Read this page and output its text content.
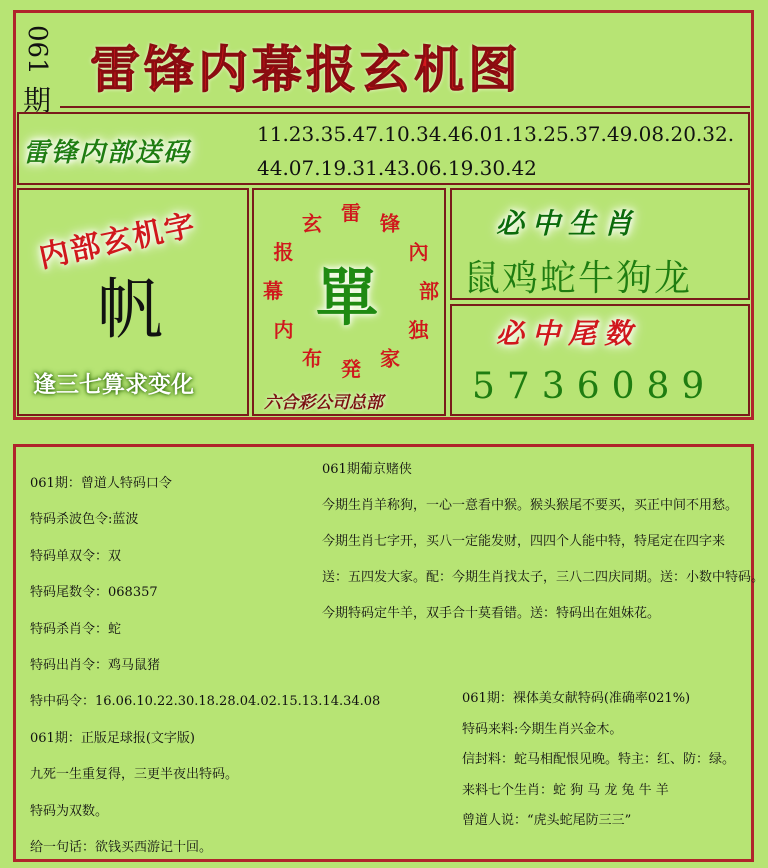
061
期
雷锋内幕报玄机图
雷锋内部送码
11.23.35.47.10.34.46.01.13.25.37.49.08.20.32.
44.07.19.31.43.06.19.30.42
内部玄机字
帆
逢三七算求变化
雷 锋
內
部
独
家
発
布
内
幕
报
玄
單
六合彩公司总部
必中生肖
鼠鸡蛇牛狗龙
必中尾数
5736089
061期：曾道人特码口令
特码杀波色令:蓝波
特码单双令：双
特码尾数令：068357
特码杀肖令：蛇
特码出肖令：鸡马鼠猪
特中码令：16.06.10.22.30.18.28.04.02.15.13.14.34.08
061期：正版足球报(文字版)
九死一生重复得，三更半夜出特码。
特码为双数。
给一句话：欲钱买西游记十回。
061期葡京赌侠
今期生肖羊称狗，一心一意看中猴。猴头猴尾不要买，买正中间不用愁。
今期生肖七字开，买八一定能发财，四四个人能中特，特尾定在四字来
送：五四发大家。配：今期生肖找太子，三八二四庆同期。送：小数中特码。
今期特码定牛羊，双手合十莫看错。送：特码出在姐妹花。
061期：裸体美女献特码(准确率021%)
特码来料:今期生肖兴金木。
信封料：蛇马相配恨见晚。特主：红、防：绿。
来料七个生肖：蛇 狗 马 龙 兔 牛 羊
曾道人说：“虎头蛇尾防三三”
